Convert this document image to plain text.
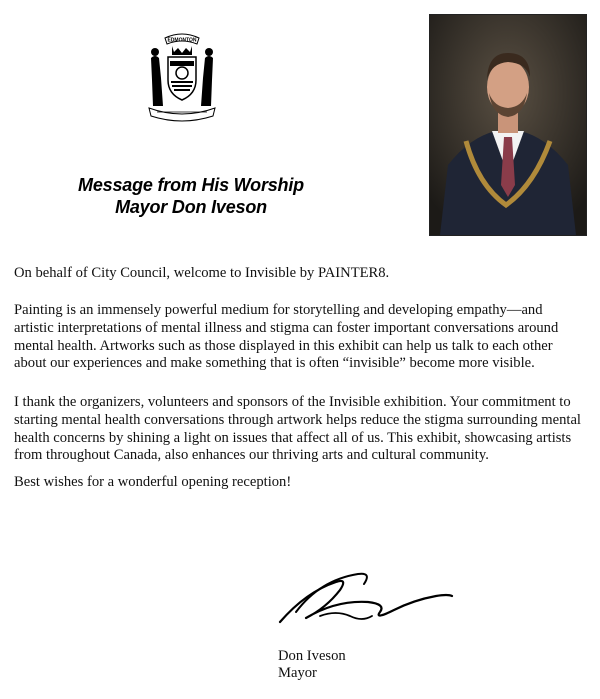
EDMONTON
Message from His Worship
Mayor Don Iveson
On behalf of City Council, welcome to Invisible by PAINTER8.
Painting is an immensely powerful medium for storytelling and developing empathy—and artistic interpretations of mental illness and stigma can foster important conversations around mental health. Artworks such as those displayed in this exhibit can help us talk to each other about our experiences and make something that is often “invisible” become more visible.
I thank the organizers, volunteers and sponsors of the Invisible exhibition. Your commitment to starting mental health conversations through artwork helps reduce the stigma surrounding mental health concerns by shining a light on issues that affect all of us. This exhibit, showcasing artists from throughout Canada, also enhances our thriving arts and cultural community.
Best wishes for a wonderful opening reception!
Don Iveson
Mayor
